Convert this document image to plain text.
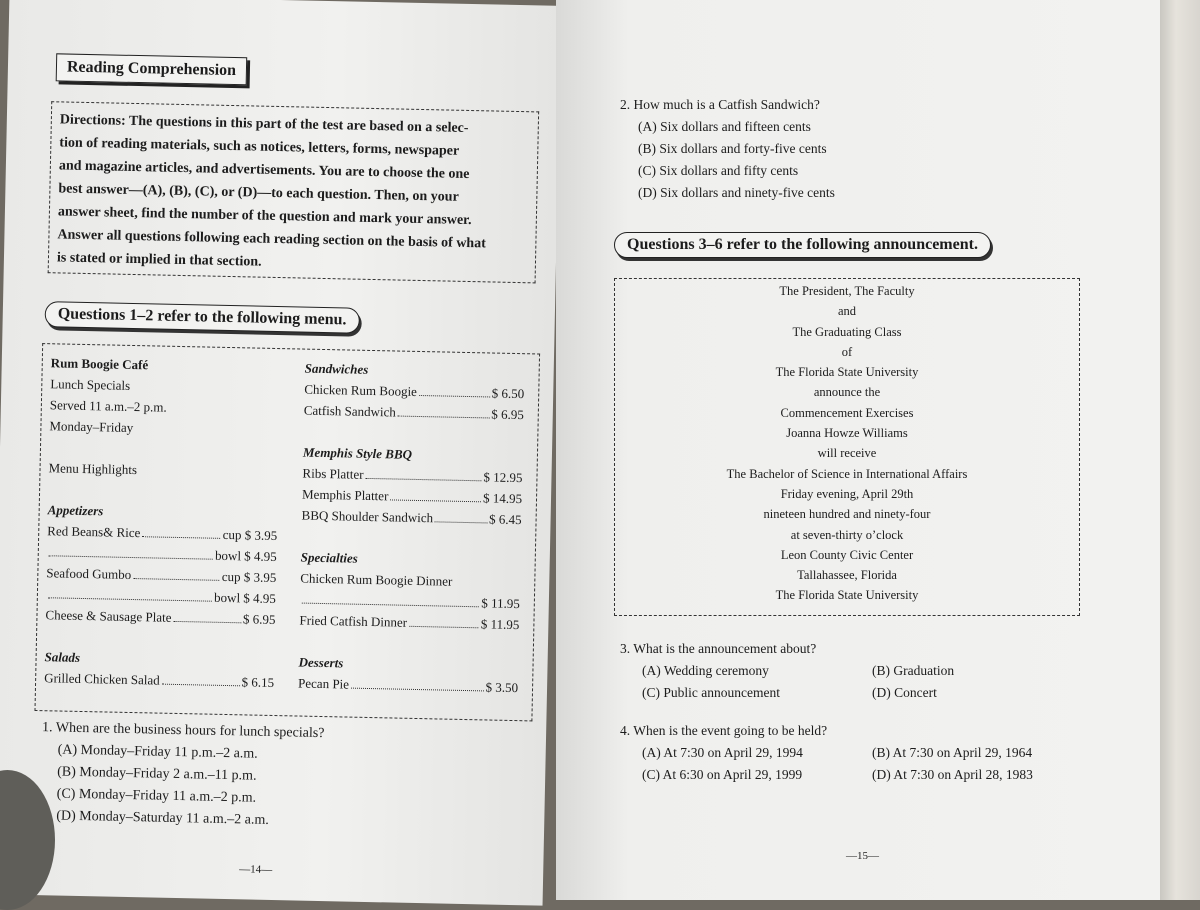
Reading Comprehension
Directions: The questions in this part of the test are based on a selec-
tion of reading materials, such as notices, letters, forms, newspaper
and magazine articles, and advertisements. You are to choose the one
best answer—(A), (B), (C), or (D)—to each question. Then, on your
answer sheet, find the number of the question and mark your answer.
Answer all questions following each reading section on the basis of what
is stated or implied in that section.
Questions 1–2 refer to the following menu.
Rum Boogie Café
Lunch Specials
Served 11 a.m.–2 p.m.
Monday–Friday
Menu Highlights
Appetizers
Red Beans& Rice	cup $ 3.95
bowl $ 4.95
Seafood Gumbo	cup $ 3.95
bowl $ 4.95
Cheese & Sausage Plate	$ 6.95
Salads
Grilled Chicken Salad	$ 6.15
Sandwiches
Chicken Rum Boogie	$ 6.50
Catfish Sandwich	$ 6.95
Memphis Style BBQ
Ribs Platter	$ 12.95
Memphis Platter	$ 14.95
BBQ Shoulder Sandwich	$ 6.45
Specialties
Chicken Rum Boogie Dinner
$ 11.95
Fried Catfish Dinner	$ 11.95
Desserts
Pecan Pie	$ 3.50
1. When are the business hours for lunch specials?
(A) Monday–Friday 11 p.m.–2 a.m.
(B) Monday–Friday 2 a.m.–11 p.m.
(C) Monday–Friday 11 a.m.–2 p.m.
(D) Monday–Saturday 11 a.m.–2 a.m.
—14—
2. How much is a Catfish Sandwich?
(A) Six dollars and fifteen cents
(B) Six dollars and forty-five cents
(C) Six dollars and fifty cents
(D) Six dollars and ninety-five cents
Questions 3–6 refer to the following announcement.
The President, The Faculty
and
The Graduating Class
of
The Florida State University
announce the
Commencement Exercises
Joanna Howze Williams
will receive
The Bachelor of Science in International Affairs
Friday evening, April 29th
nineteen hundred and ninety-four
at seven-thirty o’clock
Leon County Civic Center
Tallahassee, Florida
The Florida State University
3. What is the announcement about?
(A) Wedding ceremony	(B) Graduation
(C) Public announcement	(D) Concert
4. When is the event going to be held?
(A) At 7:30 on April 29, 1994	(B) At 7:30 on April 29, 1964
(C) At 6:30 on April 29, 1999	(D) At 7:30 on April 28, 1983
—15—
